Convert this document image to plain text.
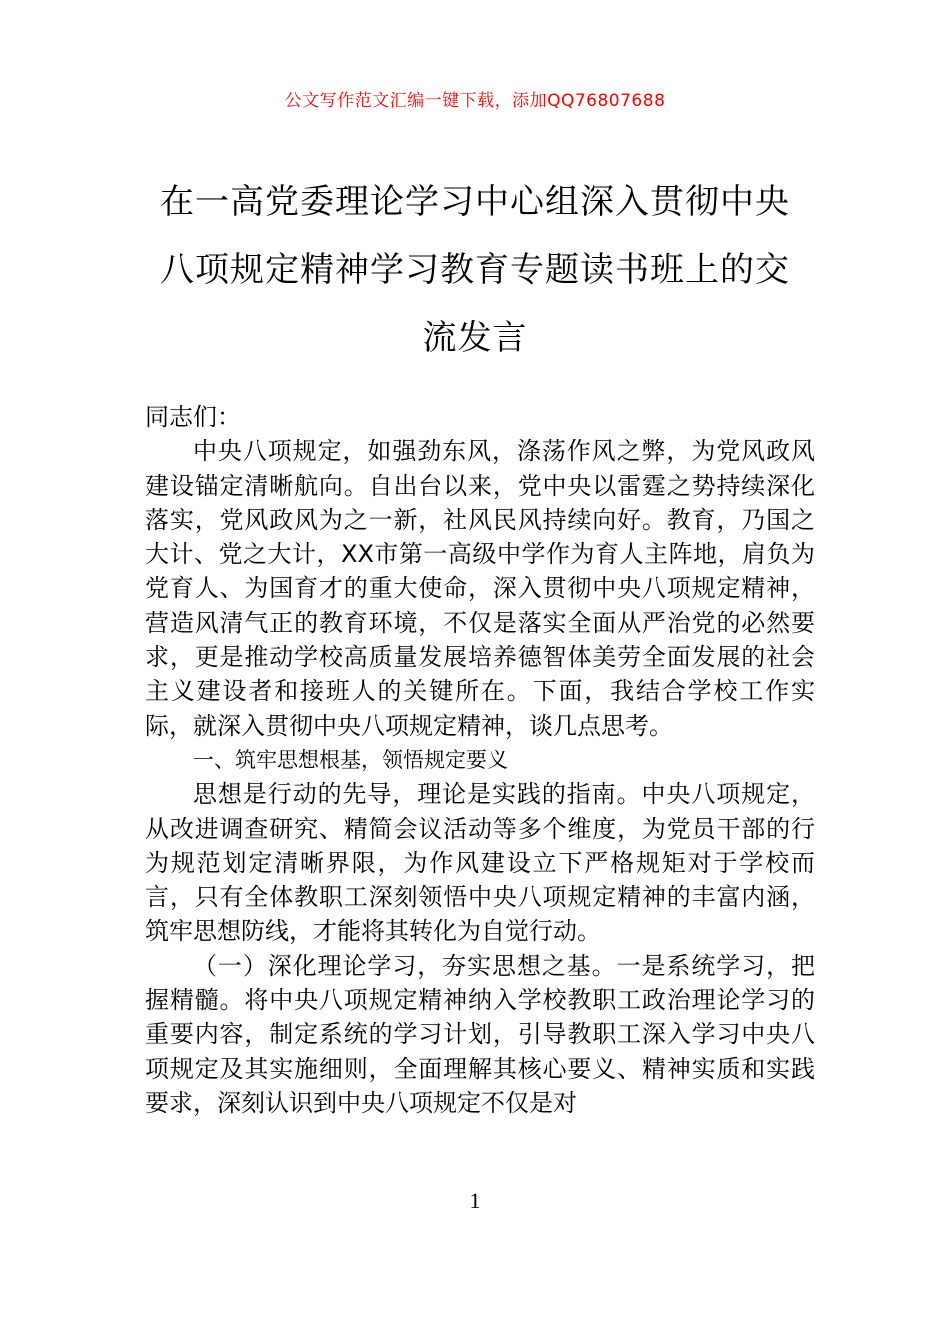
公文写作范文汇编一键下载，添加QQ76807688
在一高党委理论学习中心组深入贯彻中央
八项规定精神学习教育专题读书班上的交
流发言

同志们：

中央八项规定，如强劲东风，涤荡作风之弊，为党风政风建设锚定清晰航向。自出台以来，党中央以雷霆之势持续深化落实，党风政风为之一新，社风民风持续向好。教育，乃国之大计、党之大计，XX市第一高级中学作为育人主阵地，肩负为党育人、为国育才的重大使命，深入贯彻中央八项规定精神，营造风清气正的教育环境，不仅是落实全面从严治党的必然要求，更是推动学校高质量发展培养德智体美劳全面发展的社会主义建设者和接班人的关键所在。下面，我结合学校工作实际，就深入贯彻中央八项规定精神，谈几点思考。

一、筑牢思想根基，领悟规定要义

思想是行动的先导，理论是实践的指南。中央八项规定，从改进调查研究、精简会议活动等多个维度，为党员干部的行为规范划定清晰界限，为作风建设立下严格规矩对于学校而言，只有全体教职工深刻领悟中央八项规定精神的丰富内涵，筑牢思想防线，才能将其转化为自觉行动。

（一）深化理论学习，夯实思想之基。一是系统学习，把握精髓。将中央八项规定精神纳入学校教职工政治理论学习的重要内容，制定系统的学习计划，引导教职工深入学习中央八项规定及其实施细则，全面理解其核心要义、精神实质和实践要求，深刻认识到中央八项规定不仅是对

1
